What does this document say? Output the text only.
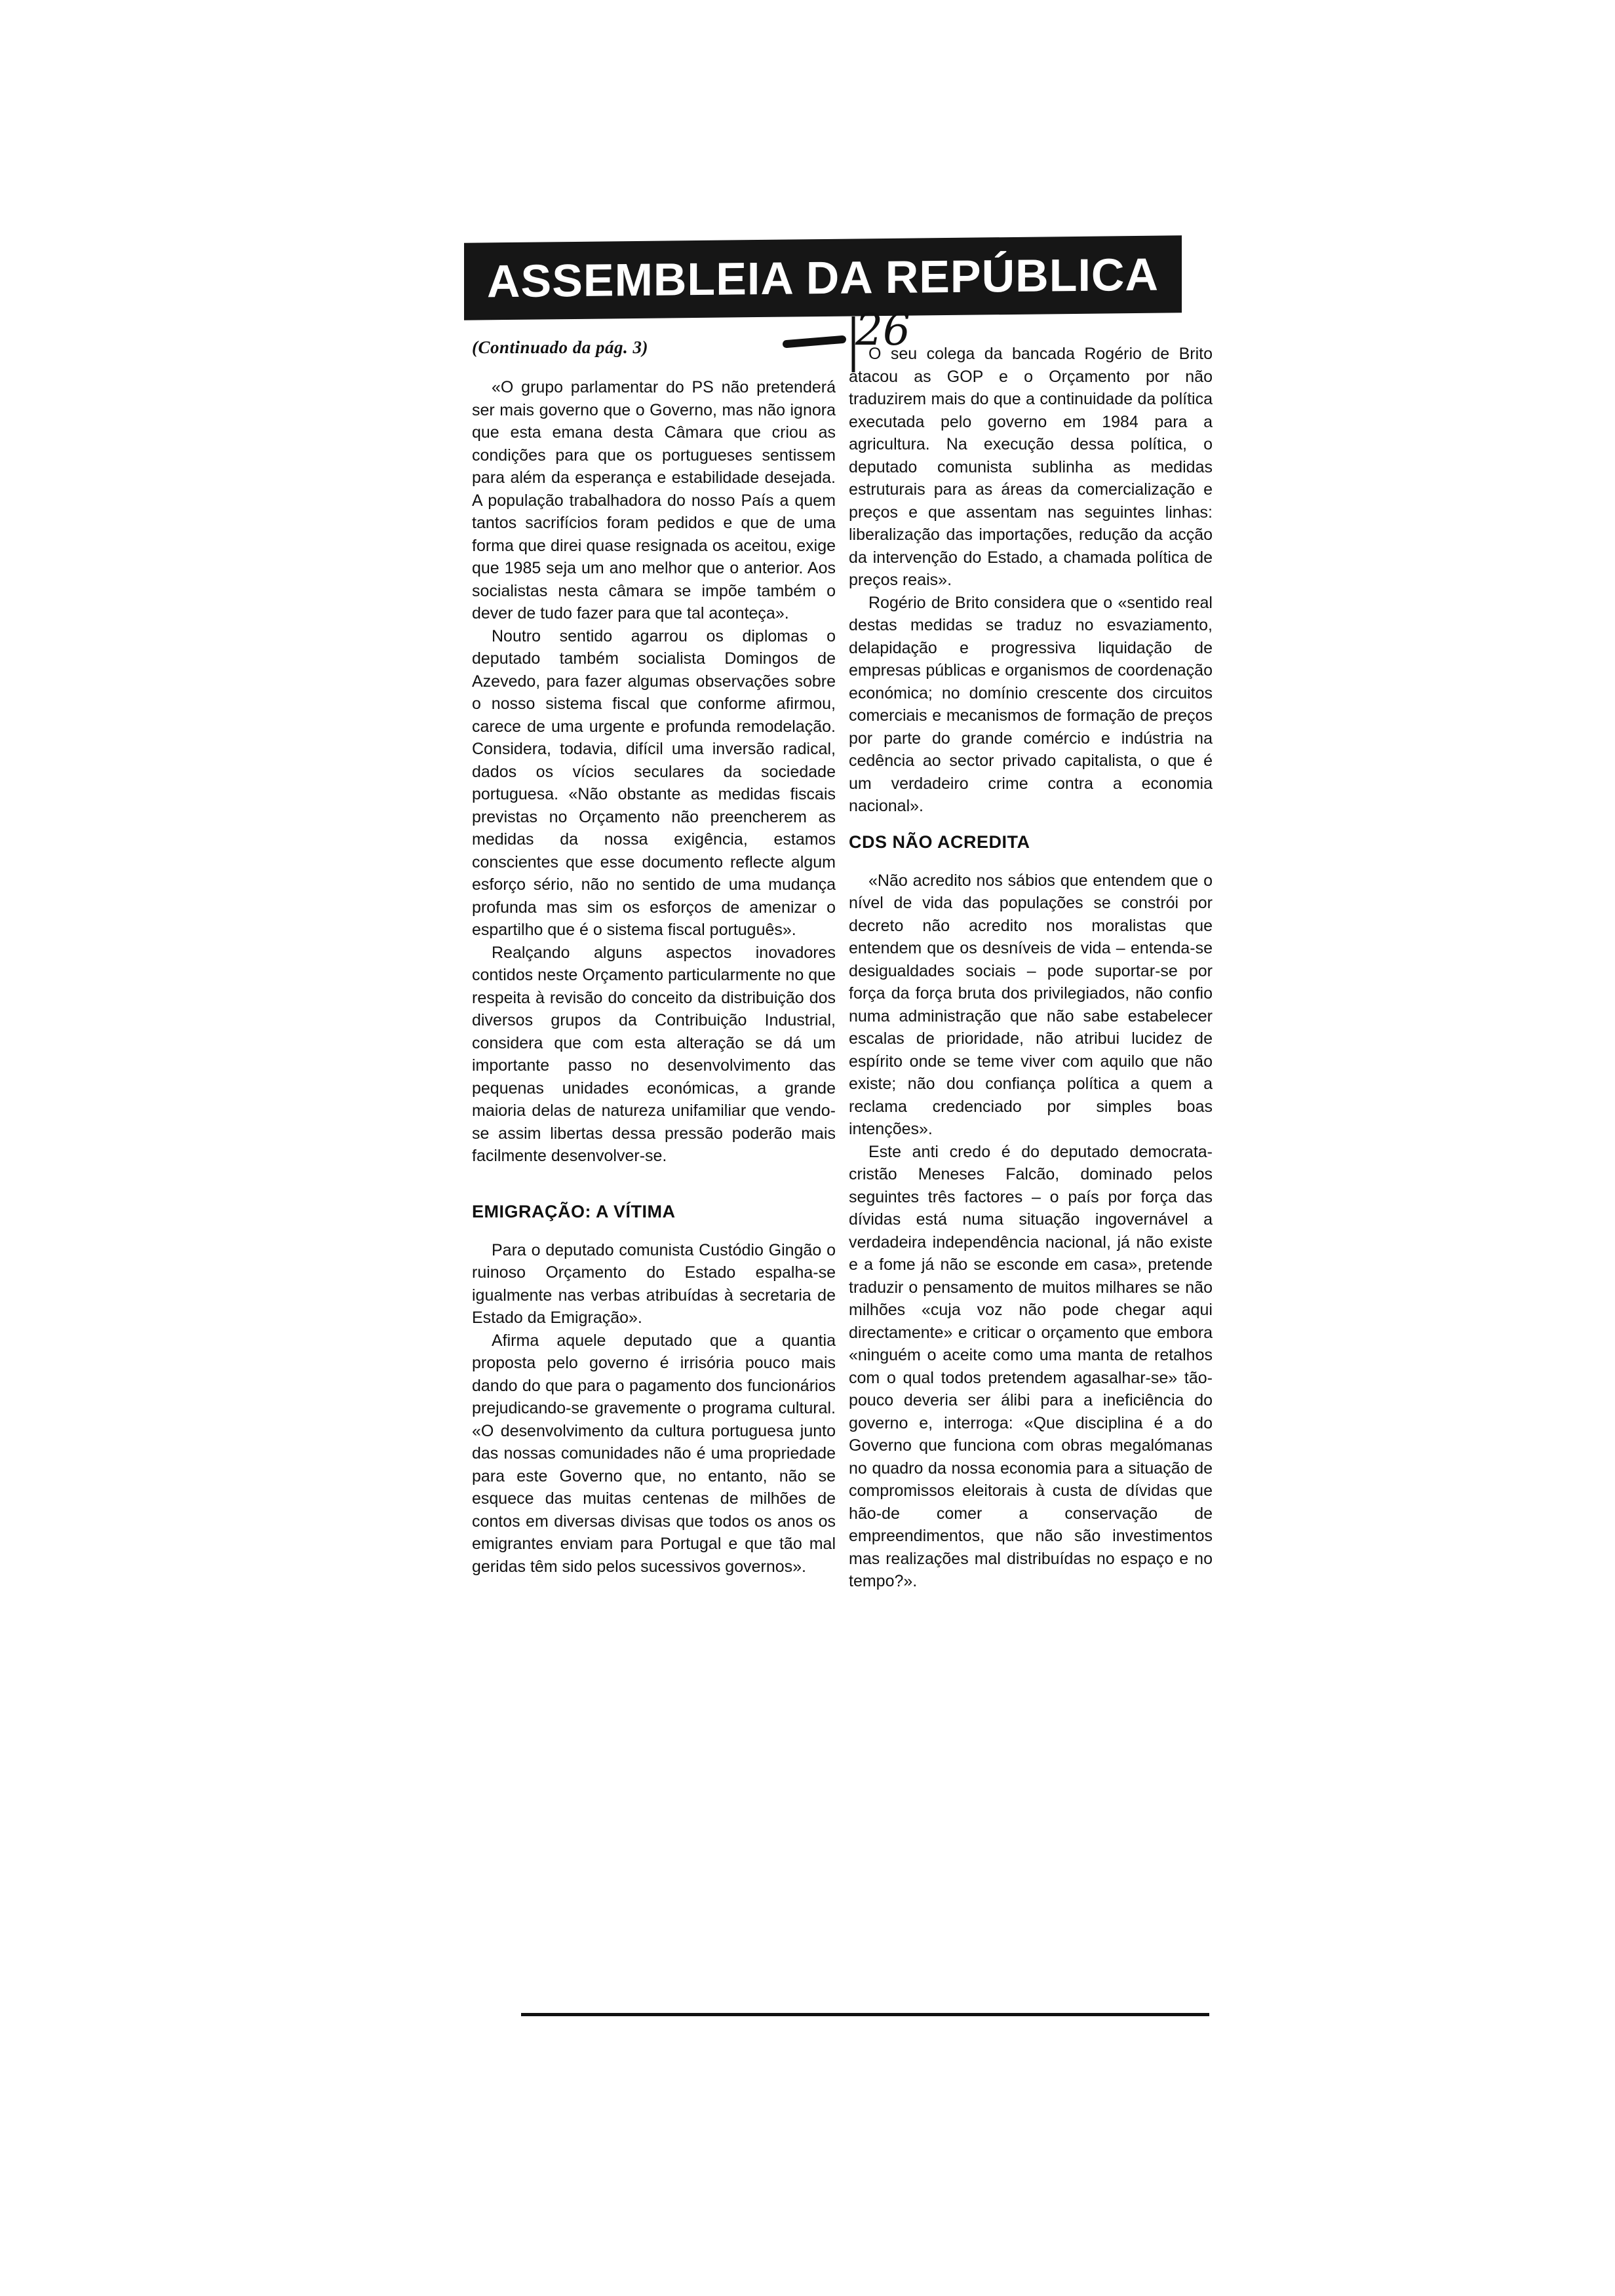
ASSEMBLEIA DA REPÚBLICA
26

(Continuado da pág. 3)

«O grupo parlamentar do PS não pretenderá ser mais governo que o Governo, mas não ignora que esta emana desta Câmara que criou as condições para que os portugueses sentissem para além da esperança e estabilidade desejada. A população trabalhadora do nosso País a quem tantos sacrifícios foram pedidos e que de uma forma que direi quase resignada os aceitou, exige que 1985 seja um ano melhor que o anterior. Aos socialistas nesta câmara se impõe também o dever de tudo fazer para que tal aconteça».

Noutro sentido agarrou os diplomas o deputado também socialista Domingos de Azevedo, para fazer algumas observações sobre o nosso sistema fiscal que conforme afirmou, carece de uma urgente e profunda remodelação. Considera, todavia, difícil uma inversão radical, dados os vícios seculares da sociedade portuguesa. «Não obstante as medidas fiscais previstas no Orçamento não preencherem as medidas da nossa exigência, estamos conscientes que esse documento reflecte algum esforço sério, não no sentido de uma mudança profunda mas sim os esforços de amenizar o espartilho que é o sistema fiscal português».

Realçando alguns aspectos inovadores contidos neste Orçamento particularmente no que respeita à revisão do conceito da distribuição dos diversos grupos da Contribuição Industrial, considera que com esta alteração se dá um importante passo no desenvolvimento das pequenas unidades económicas, a grande maioria delas de natureza unifamiliar que vendo-se assim libertas dessa pressão poderão mais facilmente desenvolver-se.

EMIGRAÇÃO: A VÍTIMA

Para o deputado comunista Custódio Gingão o ruinoso Orçamento do Estado espalha-se igualmente nas verbas atribuídas à secretaria de Estado da Emigração».

Afirma aquele deputado que a quantia proposta pelo governo é irrisória pouco mais dando do que para o pagamento dos funcionários prejudicando-se gravemente o programa cultural. «O desenvolvimento da cultura portuguesa junto das nossas comunidades não é uma propriedade para este Governo que, no entanto, não se esquece das muitas centenas de milhões de contos em diversas divisas que todos os anos os emigrantes enviam para Portugal e que tão mal geridas têm sido pelos sucessivos governos».

O seu colega da bancada Rogério de Brito atacou as GOP e o Orçamento por não traduzirem mais do que a continuidade da política executada pelo governo em 1984 para a agricultura. Na execução dessa política, o deputado comunista sublinha as medidas estruturais para as áreas da comercialização e preços e que assentam nas seguintes linhas: liberalização das importações, redução da acção da intervenção do Estado, a chamada política de preços reais».

Rogério de Brito considera que o «sentido real destas medidas se traduz no esvaziamento, delapidação e progressiva liquidação de empresas públicas e organismos de coordenação económica; no domínio crescente dos circuitos comerciais e mecanismos de formação de preços por parte do grande comércio e indústria na cedência ao sector privado capitalista, o que é um verdadeiro crime contra a economia nacional».

CDS NÃO ACREDITA

«Não acredito nos sábios que entendem que o nível de vida das populações se constrói por decreto não acredito nos moralistas que entendem que os desníveis de vida – entenda-se desigualdades sociais – pode suportar-se por força da força bruta dos privilegiados, não confio numa administração que não sabe estabelecer escalas de prioridade, não atribui lucidez de espírito onde se teme viver com aquilo que não existe; não dou confiança política a quem a reclama credenciado por simples boas intenções».

Este anti credo é do deputado democrata-cristão Meneses Falcão, dominado pelos seguintes três factores – o país por força das dívidas está numa situação ingovernável a verdadeira independência nacional, já não existe e a fome já não se esconde em casa», pretende traduzir o pensamento de muitos milhares se não milhões «cuja voz não pode chegar aqui directamente» e criticar o orçamento que embora «ninguém o aceite como uma manta de retalhos com o qual todos pretendem agasalhar-se» tão-pouco deveria ser álibi para a ineficiência do governo e, interroga: «Que disciplina é a do Governo que funciona com obras megalómanas no quadro da nossa economia para a situação de compromissos eleitorais à custa de dívidas que hão-de comer a conservação de empreendimentos, que não são investimentos mas realizações mal distribuídas no espaço e no tempo?».
